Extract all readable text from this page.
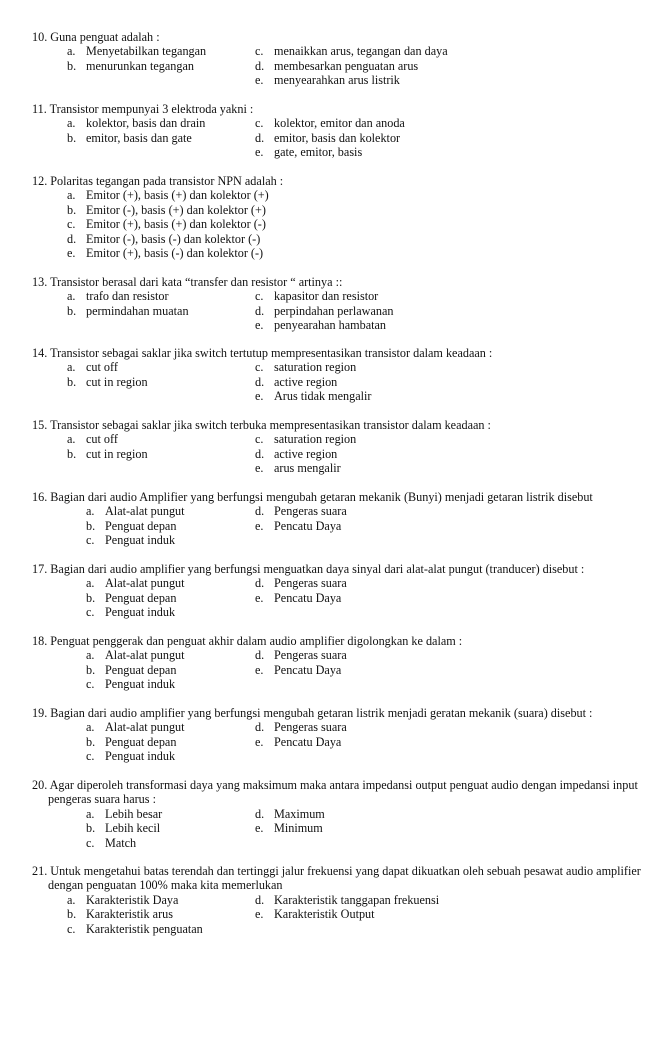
10. Guna penguat adalah :
a. Menyetabilkan tegangan	c. menaikkan arus, tegangan dan daya
b. menurunkan tegangan	d. membesarkan penguatan arus
e. menyearahkan arus listrik
11. Transistor mempunyai 3 elektroda yakni :
a. kolektor, basis dan drain	c. kolektor, emitor dan anoda
b. emitor, basis dan gate	d. emitor, basis dan kolektor
e. gate, emitor, basis
12. Polaritas tegangan pada transistor NPN adalah :
a. Emitor (+), basis (+) dan kolektor (+)
b. Emitor (-), basis (+) dan kolektor (+)
c. Emitor (+), basis (+) dan kolektor (-)
d. Emitor (-), basis (-) dan kolektor (-)
e. Emitor (+), basis (-) dan kolektor (-)
13. Transistor berasal dari kata “transfer dan resistor “ artinya ::
a. trafo dan resistor	c. kapasitor dan resistor
b. permindahan muatan	d. perpindahan perlawanan
e. penyearahan hambatan
14. Transistor sebagai saklar jika switch tertutup mempresentasikan transistor dalam keadaan :
a. cut off	c. saturation region
b. cut in region	d. active region
e. Arus tidak mengalir
15. Transistor sebagai saklar jika switch terbuka mempresentasikan transistor dalam keadaan :
a. cut off	c. saturation region
b. cut in region	d. active region
e. arus mengalir
16. Bagian dari audio Amplifier yang berfungsi mengubah getaran mekanik (Bunyi) menjadi getaran listrik disebut
a. Alat-alat pungut	d. Pengeras suara
b. Penguat depan	e. Pencatu Daya
c. Penguat induk
17. Bagian dari audio amplifier yang berfungsi menguatkan daya sinyal dari alat-alat pungut (tranducer) disebut :
a. Alat-alat pungut	d. Pengeras suara
b. Penguat depan	e. Pencatu Daya
c. Penguat induk
18. Penguat penggerak dan penguat akhir dalam audio amplifier digolongkan ke dalam :
a. Alat-alat pungut	d. Pengeras suara
b. Penguat depan	e. Pencatu Daya
c. Penguat induk
19. Bagian dari audio amplifier yang berfungsi mengubah getaran listrik menjadi geratan mekanik (suara) disebut :
a. Alat-alat pungut	d. Pengeras suara
b. Penguat depan	e. Pencatu Daya
c. Penguat induk
20. Agar diperoleh transformasi daya yang maksimum maka antara impedansi output penguat audio dengan impedansi input pengeras suara harus :
a. Lebih besar	d. Maximum
b. Lebih kecil	e. Minimum
c. Match
21. Untuk mengetahui batas terendah dan tertinggi jalur frekuensi yang dapat dikuatkan oleh sebuah pesawat audio amplifier dengan penguatan 100% maka kita memerlukan
a. Karakteristik Daya	d. Karakteristik tanggapan frekuensi
b. Karakteristik arus	e. Karakteristik Output
c. Karakteristik penguatan
